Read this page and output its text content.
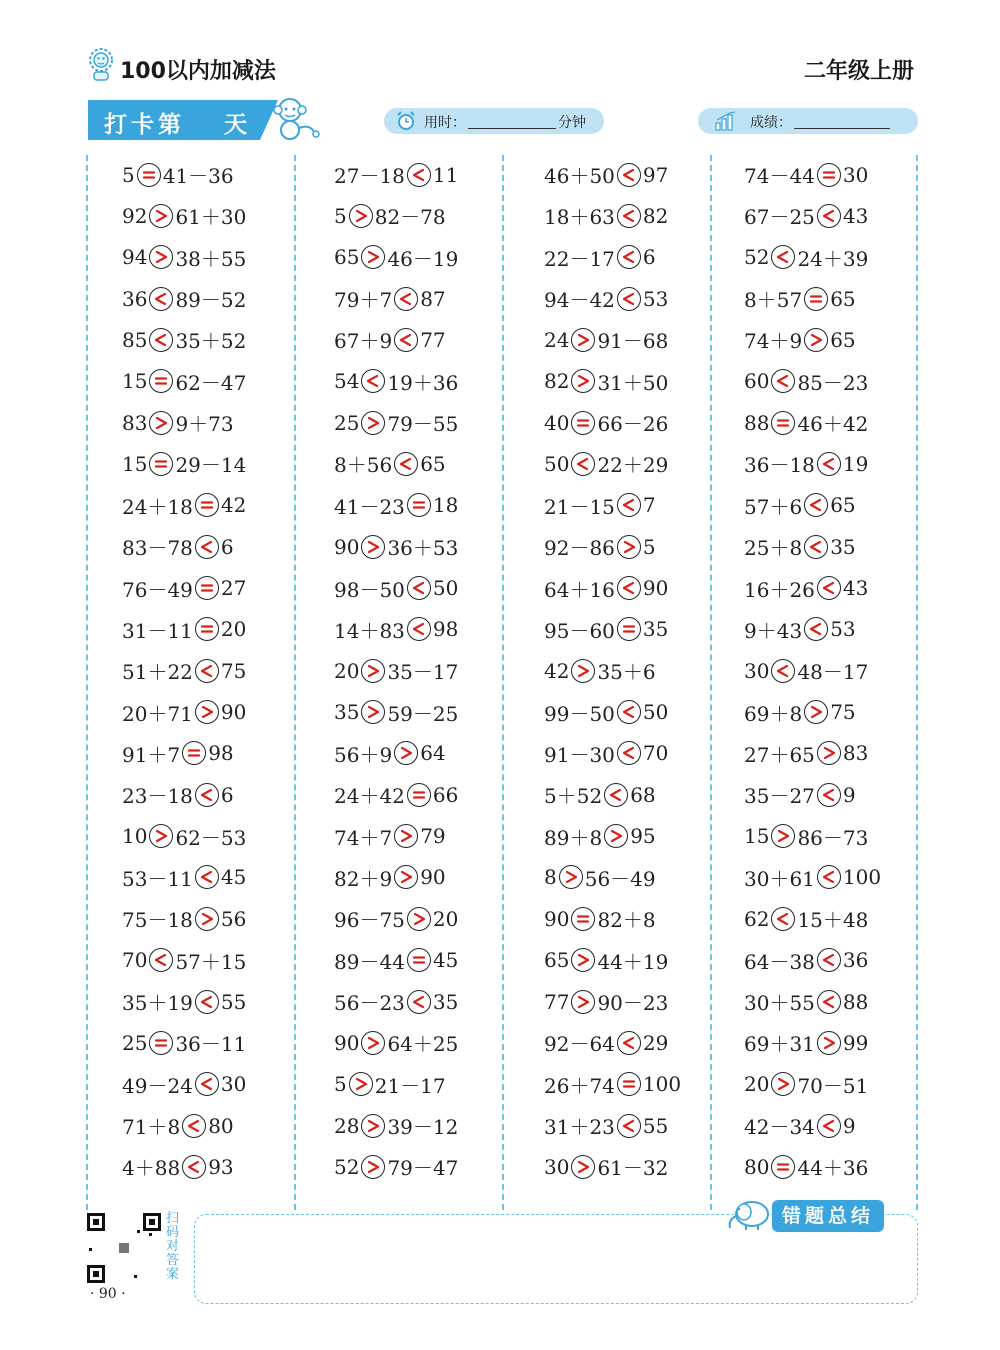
100以内加减法	二年级上册
打卡第 天	用时：	分钟	成绩：
5 41－36
92 61＋30
94 38＋55
36 89－52
85 35＋52
15 62－47
83 9＋73
15 29－14
24＋18 42
83－78 6
76－49 27
31－11 20
51＋22 75
20＋71 90
91＋7 98
23－18 6
10 62－53
53－11 45
75－18 56
70 57＋15
35＋19 55
25 36－11
49－24 30
71＋8 80
4＋88 93
27－18 11
5 82－78
65 46－19
79＋7 87
67＋9 77
54 19＋36
25 79－55
8＋56 65
41－23 18
90 36＋53
98－50 50
14＋83 98
20 35－17
35 59－25
56＋9 64
24＋42 66
74＋7 79
82＋9 90
96－75 20
89－44 45
56－23 35
90 64＋25
5 21－17
28 39－12
52 79－47
46＋50 97
18＋63 82
22－17 6
94－42 53
24 91－68
82 31＋50
40 66－26
50 22＋29
21－15 7
92－86 5
64＋16 90
95－60 35
42 35＋6
99－50 50
91－30 70
5＋52 68
89＋8 95
8 56－49
90 82＋8
65 44＋19
77 90－23
92－64 29
26＋74 100
31＋23 55
30 61－32
74－44 30
67－25 43
52 24＋39
8＋57 65
74＋9 65
60 85－23
88 46＋42
36－18 19
57＋6 65
25＋8 35
16＋26 43
9＋43 53
30 48－17
69＋8 75
27＋65 83
35－27 9
15 86－73
30＋61 100
62 15＋48
64－38 36
30＋55 88
69＋31 99
20 70－51
42－34 9
80 44＋36
扫码对答案
· 90 ·
错题总结
